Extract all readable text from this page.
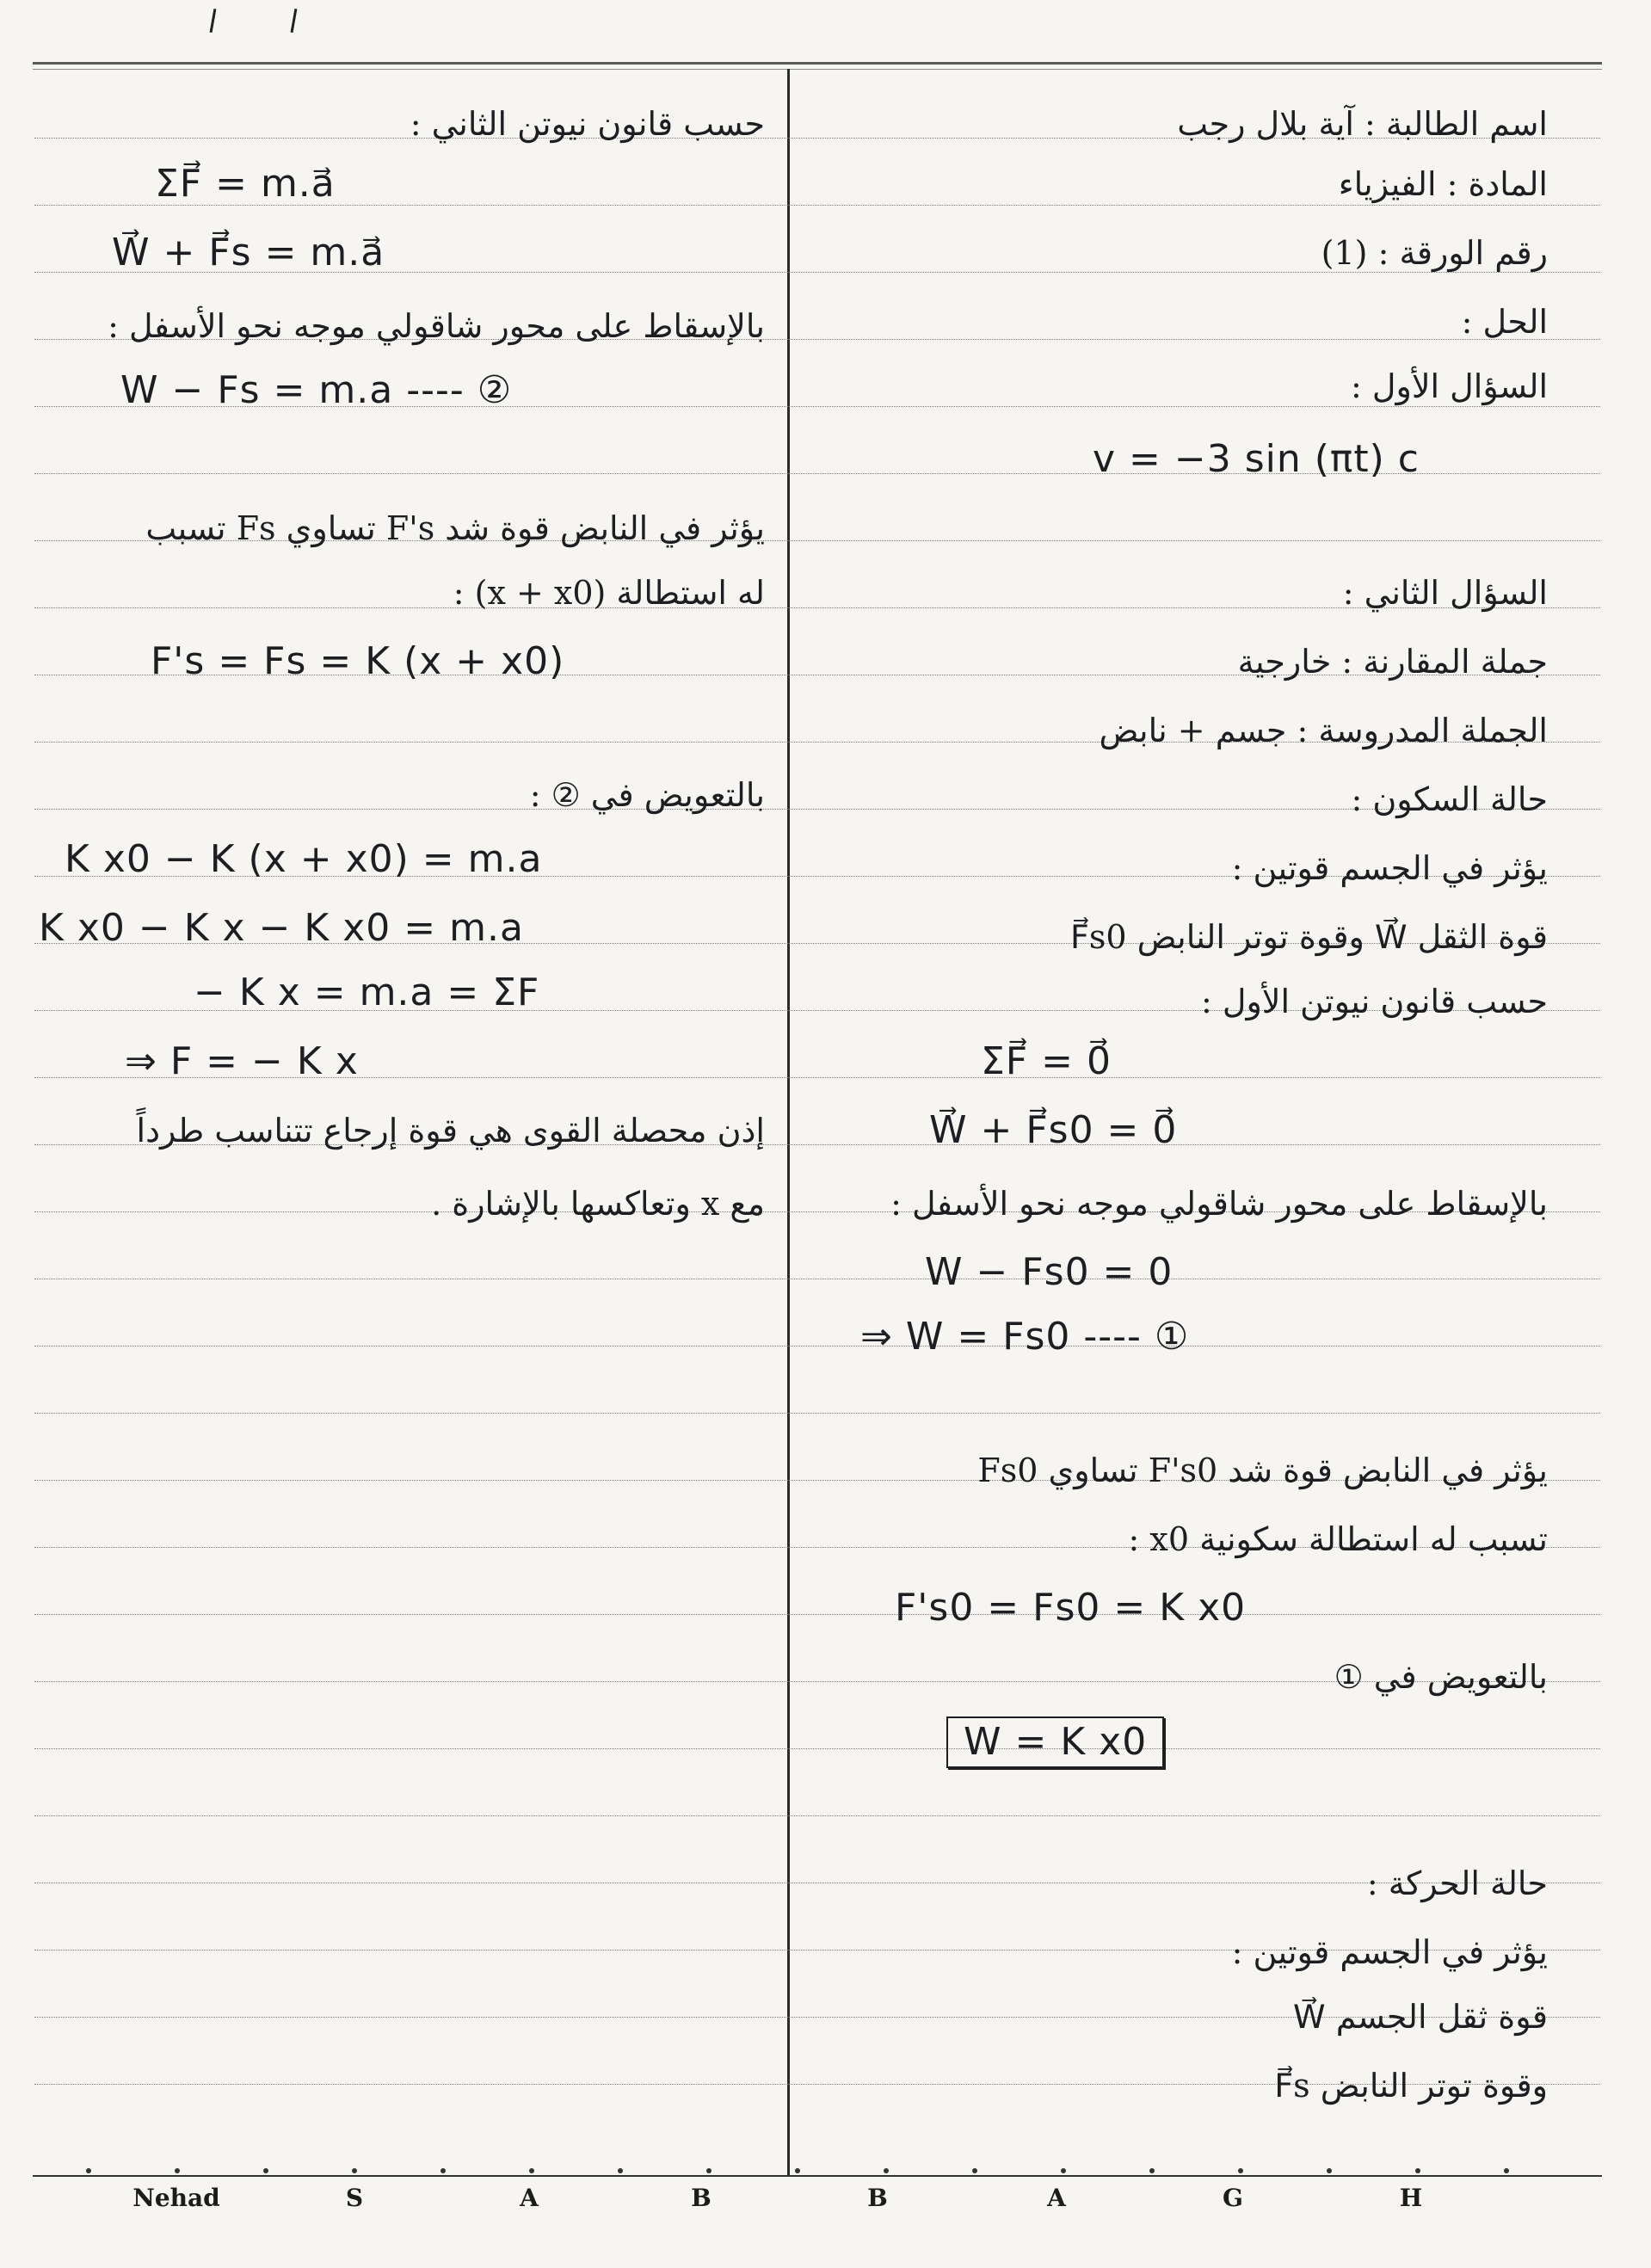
اسم الطالبة : آية بلال رجب
المادة : الفيزياء
رقم الورقة : (1)
الحل :
السؤال الأول :
v = −3 sin (πt) c
السؤال الثاني :
جملة المقارنة : خارجية
الجملة المدروسة : جسم + نابض
حالة السكون :
يؤثر في الجسم قوتين :
قوة الثقل W⃗ وقوة توتر النابض F⃗s0
حسب قانون نيوتن الأول :
ΣF⃗ = 0⃗
W⃗ + F⃗s0 = 0⃗
بالإسقاط على محور شاقولي موجه نحو الأسفل :
W − Fs0 = 0
⇒ W = Fs0 ---- ①
يؤثر في النابض قوة شد F's0 تساوي Fs0
تسبب له استطالة سكونية x0 :
F's0 = Fs0 = K x0
بالتعويض في ①
W = K x0
حالة الحركة :
يؤثر في الجسم قوتين :
قوة ثقل الجسم W⃗
وقوة توتر النابض F⃗s
حسب قانون نيوتن الثاني :
ΣF⃗ = m.a⃗
W⃗ + F⃗s = m.a⃗
بالإسقاط على محور شاقولي موجه نحو الأسفل :
W − Fs = m.a ---- ②
يؤثر في النابض قوة شد F's تساوي Fs تسبب
له استطالة (x + x0) :
F's = Fs = K (x + x0)
بالتعويض في ② :
K x0 − K (x + x0) = m.a
K x0 − K x − K x0 = m.a
− K x = m.a = ΣF
⇒ F = − K x
إذن محصلة القوى هي قوة إرجاع تتناسب طرداً
مع x وتعاكسها بالإشارة .
Nehad	S	A	B	B	A	G	H
